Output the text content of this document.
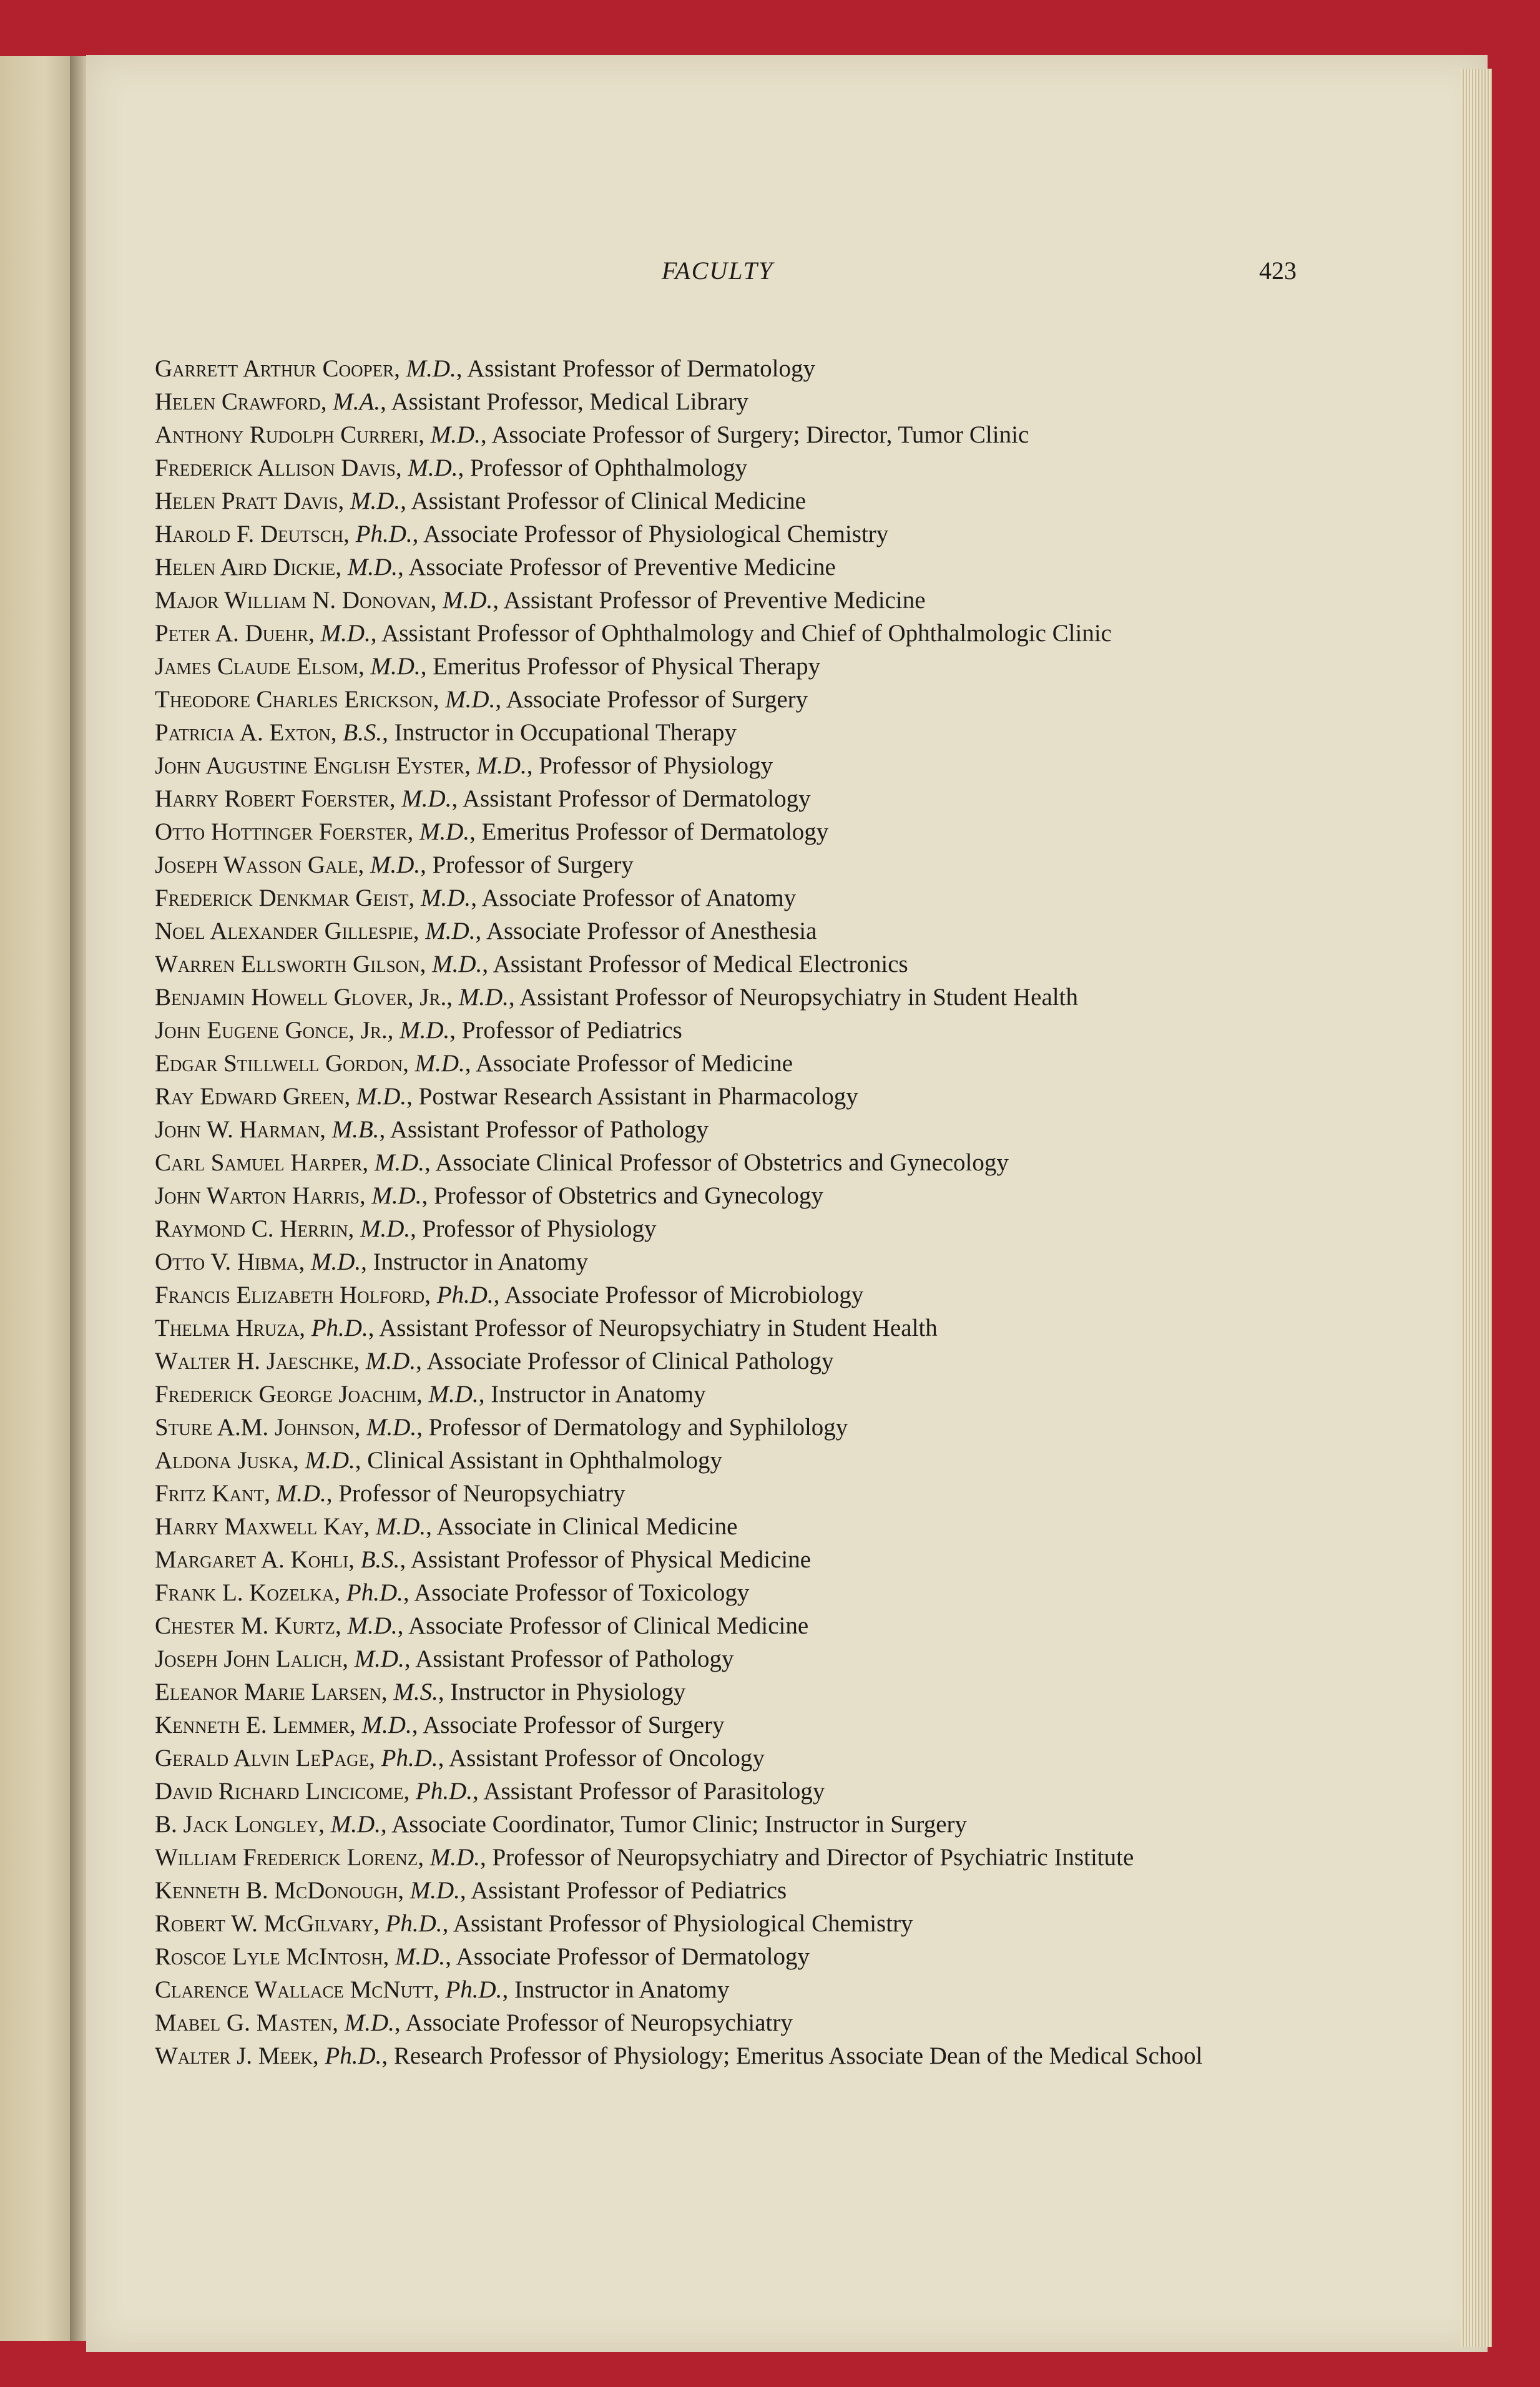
FACULTY	423
Garrett Arthur Cooper, M.D., Assistant Professor of Dermatology
Helen Crawford, M.A., Assistant Professor, Medical Library
Anthony Rudolph Curreri, M.D., Associate Professor of Surgery; Director, Tumor Clinic
Frederick Allison Davis, M.D., Professor of Ophthalmology
Helen Pratt Davis, M.D., Assistant Professor of Clinical Medicine
Harold F. Deutsch, Ph.D., Associate Professor of Physiological Chemistry
Helen Aird Dickie, M.D., Associate Professor of Preventive Medicine
Major William N. Donovan, M.D., Assistant Professor of Preventive Medicine
Peter A. Duehr, M.D., Assistant Professor of Ophthalmology and Chief of Ophthalmologic Clinic
James Claude Elsom, M.D., Emeritus Professor of Physical Therapy
Theodore Charles Erickson, M.D., Associate Professor of Surgery
Patricia A. Exton, B.S., Instructor in Occupational Therapy
John Augustine English Eyster, M.D., Professor of Physiology
Harry Robert Foerster, M.D., Assistant Professor of Dermatology
Otto Hottinger Foerster, M.D., Emeritus Professor of Dermatology
Joseph Wasson Gale, M.D., Professor of Surgery
Frederick Denkmar Geist, M.D., Associate Professor of Anatomy
Noel Alexander Gillespie, M.D., Associate Professor of Anesthesia
Warren Ellsworth Gilson, M.D., Assistant Professor of Medical Electronics
Benjamin Howell Glover, Jr., M.D., Assistant Professor of Neuropsychiatry in Student Health
John Eugene Gonce, Jr., M.D., Professor of Pediatrics
Edgar Stillwell Gordon, M.D., Associate Professor of Medicine
Ray Edward Green, M.D., Postwar Research Assistant in Pharmacology
John W. Harman, M.B., Assistant Professor of Pathology
Carl Samuel Harper, M.D., Associate Clinical Professor of Obstetrics and Gynecology
John Warton Harris, M.D., Professor of Obstetrics and Gynecology
Raymond C. Herrin, M.D., Professor of Physiology
Otto V. Hibma, M.D., Instructor in Anatomy
Francis Elizabeth Holford, Ph.D., Associate Professor of Microbiology
Thelma Hruza, Ph.D., Assistant Professor of Neuropsychiatry in Student Health
Walter H. Jaeschke, M.D., Associate Professor of Clinical Pathology
Frederick George Joachim, M.D., Instructor in Anatomy
Sture A.M. Johnson, M.D., Professor of Dermatology and Syphilology
Aldona Juska, M.D., Clinical Assistant in Ophthalmology
Fritz Kant, M.D., Professor of Neuropsychiatry
Harry Maxwell Kay, M.D., Associate in Clinical Medicine
Margaret A. Kohli, B.S., Assistant Professor of Physical Medicine
Frank L. Kozelka, Ph.D., Associate Professor of Toxicology
Chester M. Kurtz, M.D., Associate Professor of Clinical Medicine
Joseph John Lalich, M.D., Assistant Professor of Pathology
Eleanor Marie Larsen, M.S., Instructor in Physiology
Kenneth E. Lemmer, M.D., Associate Professor of Surgery
Gerald Alvin LePage, Ph.D., Assistant Professor of Oncology
David Richard Lincicome, Ph.D., Assistant Professor of Parasitology
B. Jack Longley, M.D., Associate Coordinator, Tumor Clinic; Instructor in Surgery
William Frederick Lorenz, M.D., Professor of Neuropsychiatry and Director of Psychiatric Institute
Kenneth B. McDonough, M.D., Assistant Professor of Pediatrics
Robert W. McGilvary, Ph.D., Assistant Professor of Physiological Chemistry
Roscoe Lyle McIntosh, M.D., Associate Professor of Dermatology
Clarence Wallace McNutt, Ph.D., Instructor in Anatomy
Mabel G. Masten, M.D., Associate Professor of Neuropsychiatry
Walter J. Meek, Ph.D., Research Professor of Physiology; Emeritus Associate Dean of the Medical School
